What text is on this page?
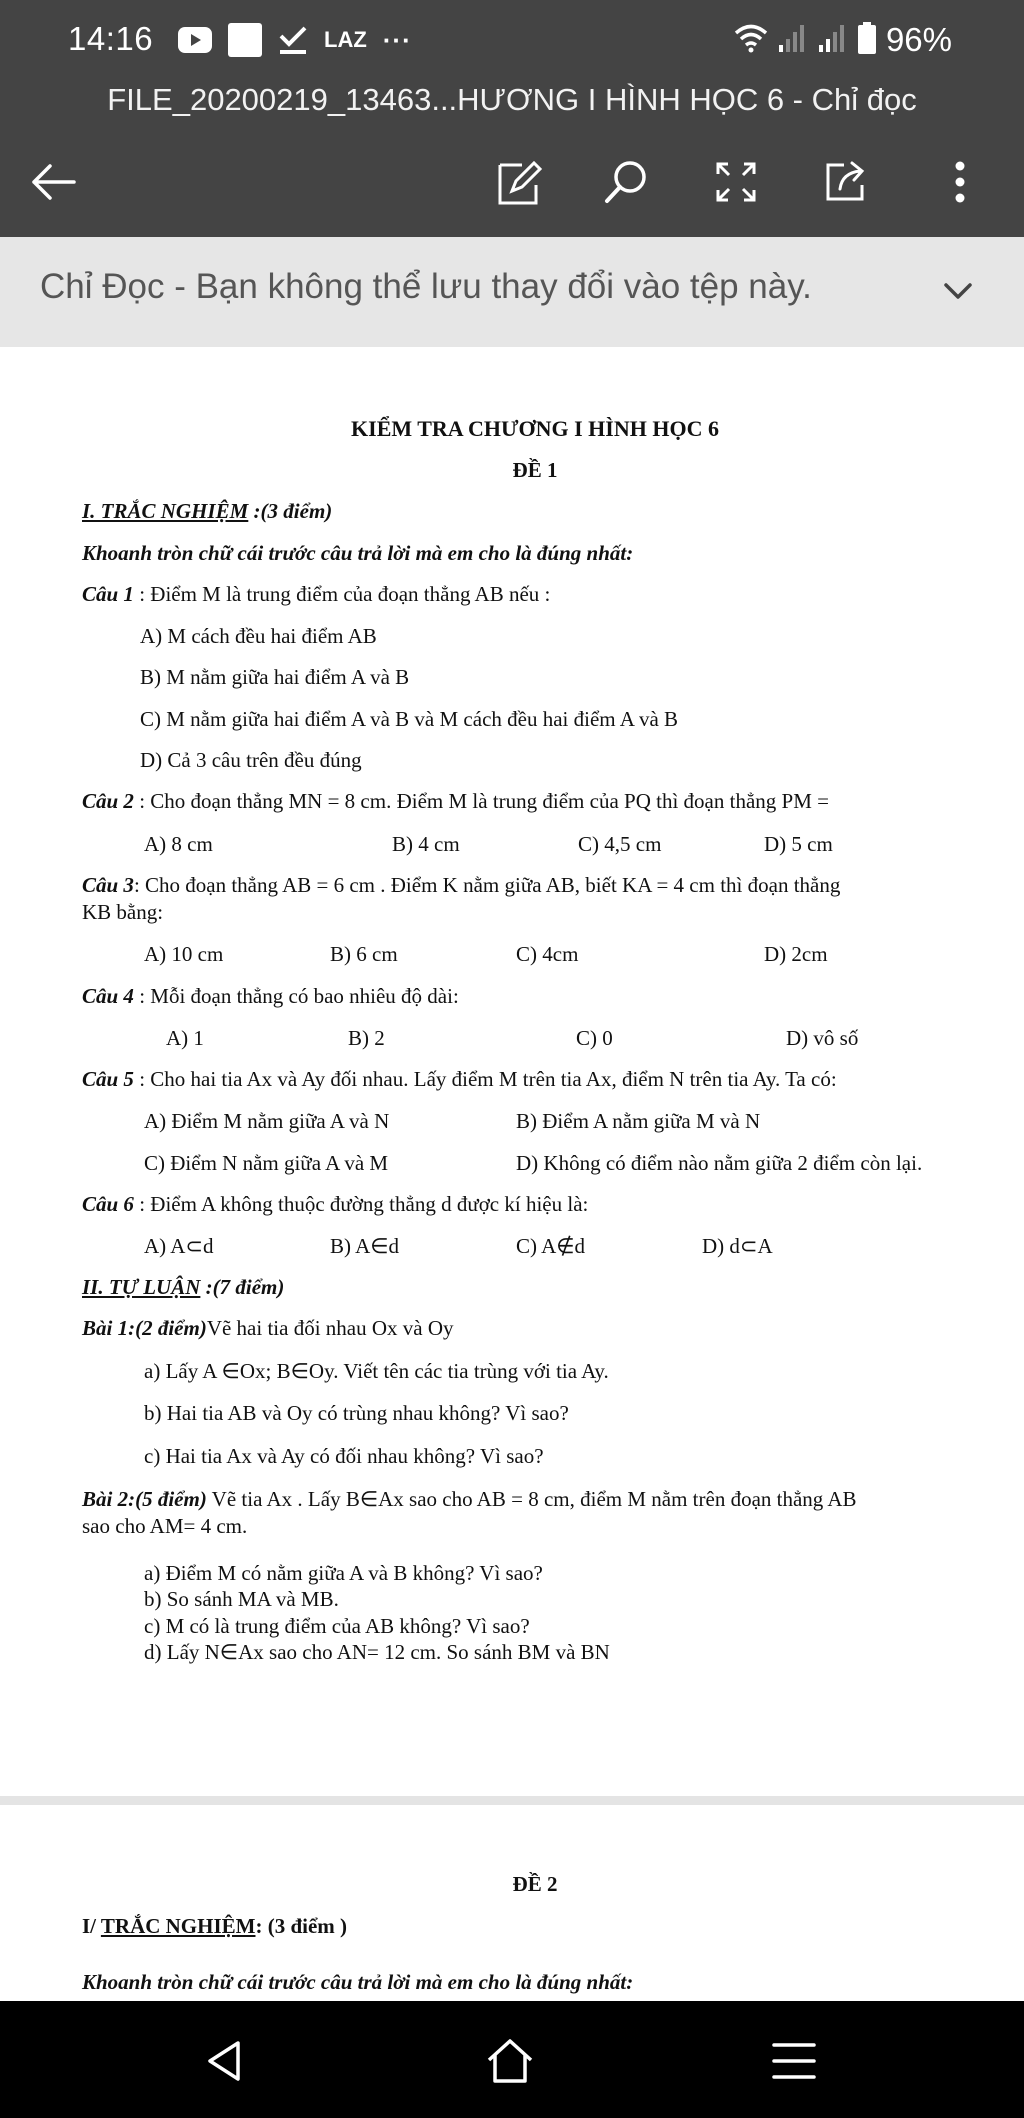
14:16	LAZ ···	96%
FILE_20200219_13463...HƯƠNG I HÌNH HỌC 6 - Chỉ đọc
Chỉ Đọc - Bạn không thể lưu thay đổi vào tệp này.
KIỂM TRA CHƯƠNG I HÌNH HỌC 6
ĐỀ 1
I. TRẮC NGHIỆM :(3 điểm)
Khoanh tròn chữ cái trước câu trả lời mà em cho là đúng nhất:
Câu 1 : Điểm M là trung điểm của đoạn thẳng AB nếu :
A) M cách đều hai điểm AB
B) M nằm giữa hai điểm A và B
C) M nằm giữa hai điểm A và B và M cách đều hai điểm A và B
D) Cả 3 câu trên đều đúng
Câu 2 : Cho đoạn thẳng MN = 8 cm. Điểm M là trung điểm của PQ thì đoạn thẳng PM =
A) 8 cm	B) 4 cm	C) 4,5 cm	D) 5 cm
Câu 3: Cho đoạn thẳng AB = 6 cm . Điểm K nằm giữa AB, biết KA = 4 cm thì đoạn thẳng
KB bằng:
A) 10 cm	B) 6 cm	C) 4cm	D) 2cm
Câu 4 : Mỗi đoạn thẳng có bao nhiêu độ dài:
A) 1	B) 2	C) 0	D) vô số
Câu 5 : Cho hai tia Ax và Ay đối nhau. Lấy điểm M trên tia Ax, điểm N trên tia Ay. Ta có:
A) Điểm M nằm giữa A và N	B) Điểm A nằm giữa M và N
C) Điểm N nằm giữa A và M	D) Không có điểm nào nằm giữa 2 điểm còn lại.
Câu 6 : Điểm A không thuộc đường thẳng d được kí hiệu là:
A) A⊂d	B) A∈d	C) A∉d	D) d⊂A
II. TỰ LUẬN :(7 điểm)
Bài 1:(2 điểm)Vẽ hai tia đối nhau Ox và Oy
a) Lấy A ∈Ox; B∈Oy. Viết tên các tia trùng với tia Ay.
b) Hai tia AB và Oy có trùng nhau không? Vì sao?
c) Hai tia Ax và Ay có đối nhau không? Vì sao?
Bài 2:(5 điểm) Vẽ tia Ax . Lấy B∈Ax sao cho AB = 8 cm, điểm M nằm trên đoạn thẳng AB
sao cho AM= 4 cm.
a) Điểm M có nằm giữa A và B không? Vì sao?
b) So sánh MA và MB.
c) M có là trung điểm của AB không? Vì sao?
d) Lấy N∈Ax sao cho AN= 12 cm. So sánh BM và BN
ĐỀ 2
I/ TRẮC NGHIỆM: (3 điểm )
Khoanh tròn chữ cái trước câu trả lời mà em cho là đúng nhất:
